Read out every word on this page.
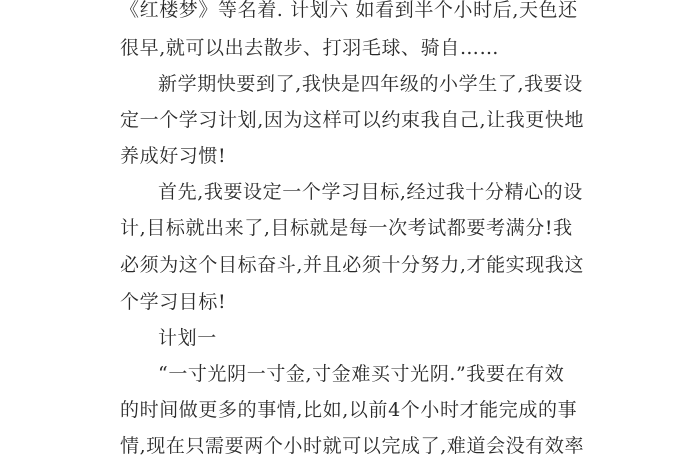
《红楼梦》等名着. 计划六 如看到半个小时后,天色还
很早,就可以出去散步、打羽毛球、骑自……
新学期快要到了,我快是四年级的小学生了,我要设
定一个学习计划,因为这样可以约束我自己,让我更快地
养成好习惯!
首先,我要设定一个学习目标,经过我十分精心的设
计,目标就出来了,目标就是每一次考试都要考满分!我
必须为这个目标奋斗,并且必须十分努力,才能实现我这
个学习目标!
计划一
“一寸光阴一寸金,寸金难买寸光阴.”我要在有效
的时间做更多的事情,比如,以前4个小时才能完成的事
情,现在只需要两个小时就可以完成了,难道会没有效率
